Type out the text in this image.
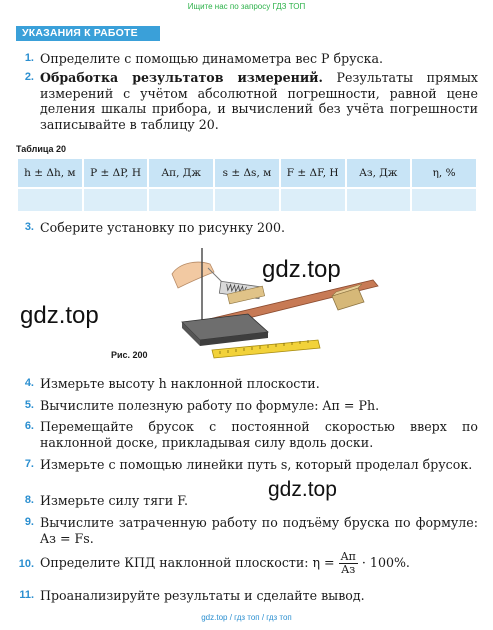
Ищите нас по запросу ГДЗ ТОП
УКАЗАНИЯ К РАБОТЕ
1. Определите с помощью динамометра вес P бруска.
2. Обработка результатов измерений. Результаты прямых измерений с учётом абсолютной погрешности, равной цене деления шкалы прибора, и вычислений без учёта погрешности записывайте в таблицу 20.
Таблица 20
h ± Δh, м	P ± ΔP, Н	Aп, Дж	s ± Δs, м	F ± ΔF, Н	Aз, Дж	η, %

3. Соберите установку по рисунку 200.
gdz.top
gdz.top
Рис. 200
4. Измерьте высоту h наклонной плоскости.
5. Вычислите полезную работу по формуле: Aп = Ph.
6. Перемещайте брусок с постоянной скоростью вверх по наклонной доске, прикладывая силу вдоль доски.
7. Измерьте с помощью линейки путь s, который проделал брусок.
8. Измерьте силу тяги F.	gdz.top
9. Вычислите затраченную работу по подъёму бруска по формуле: Aз = Fs.
10. Определите КПД наклонной плоскости: $\eta = \frac{Aп}{Aз} \cdot 100\%$.
11. Проанализируйте результаты и сделайте вывод.
gdz.top / гдз топ / гдз топ
